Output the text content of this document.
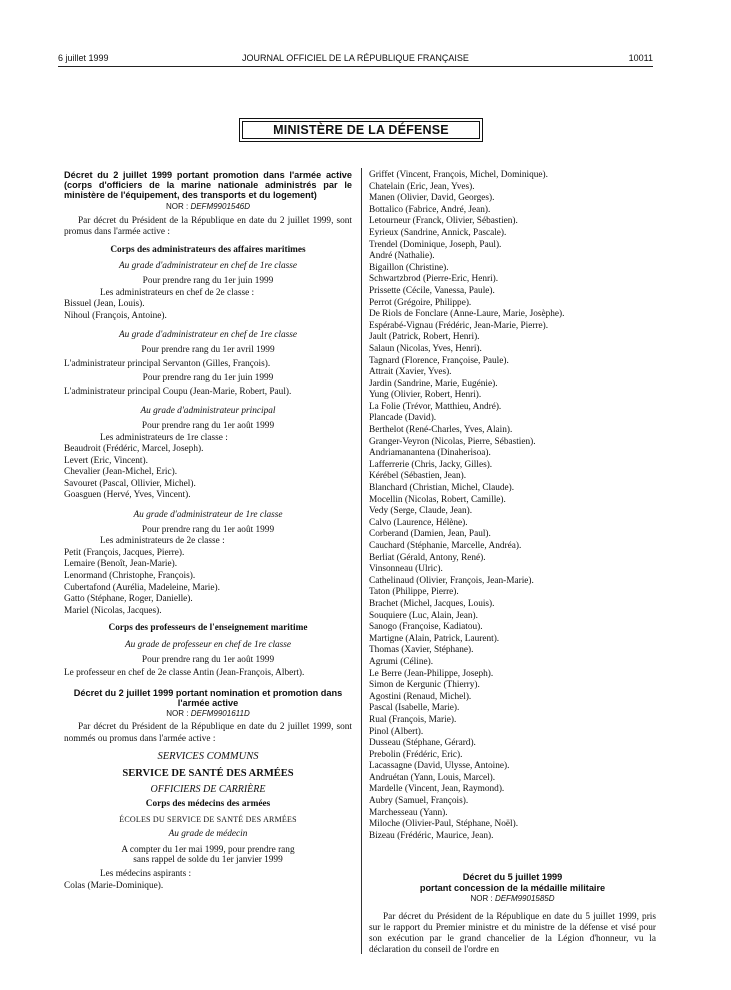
6 juillet 1999	JOURNAL OFFICIEL DE LA RÉPUBLIQUE FRANÇAISE	10011
MINISTÈRE DE LA DÉFENSE

Décret du 2 juillet 1999 portant promotion dans l'armée active (corps d'officiers de la marine nationale administrés par le ministère de l'équipement, des transports et du logement)

NOR : DEFM9901546D

Par décret du Président de la République en date du 2 juillet 1999, sont promus dans l'armée active :

Corps des administrateurs des affaires maritimes

Au grade d'administrateur en chef de 1re classe

Pour prendre rang du 1er juin 1999

Les administrateurs en chef de 2e classe :

Bissuel (Jean, Louis).

Nihoul (François, Antoine).

Au grade d'administrateur en chef de 1re classe

Pour prendre rang du 1er avril 1999

L'administrateur principal Servanton (Gilles, François).

Pour prendre rang du 1er juin 1999

L'administrateur principal Coupu (Jean-Marie, Robert, Paul).

Au grade d'administrateur principal

Pour prendre rang du 1er août 1999

Les administrateurs de 1re classe :

Beaudroit (Frédéric, Marcel, Joseph).

Levert (Eric, Vincent).

Chevalier (Jean-Michel, Eric).

Savouret (Pascal, Ollivier, Michel).

Goasguen (Hervé, Yves, Vincent).

Au grade d'administrateur de 1re classe

Pour prendre rang du 1er août 1999

Les administrateurs de 2e classe :

Petit (François, Jacques, Pierre).

Lemaire (Benoît, Jean-Marie).

Lenormand (Christophe, François).

Cubertafond (Aurélia, Madeleine, Marie).

Gatto (Stéphane, Roger, Danielle).

Mariel (Nicolas, Jacques).

Corps des professeurs de l'enseignement maritime

Au grade de professeur en chef de 1re classe

Pour prendre rang du 1er août 1999

Le professeur en chef de 2e classe Antin (Jean-François, Albert).

Décret du 2 juillet 1999 portant nomination et promotion dans l'armée active

NOR : DEFM9901611D

Par décret du Président de la République en date du 2 juillet 1999, sont nommés ou promus dans l'armée active :

SERVICES COMMUNS

SERVICE DE SANTÉ DES ARMÉES

OFFICIERS DE CARRIÈRE

Corps des médecins des armées

ÉCOLES DU SERVICE DE SANTÉ DES ARMÉES

Au grade de médecin

A compter du 1er mai 1999, pour prendre rang

sans rappel de solde du 1er janvier 1999

Les médecins aspirants :

Colas (Marie-Dominique).

Griffet (Vincent, François, Michel, Dominique).

Chatelain (Eric, Jean, Yves).

Manen (Olivier, David, Georges).

Bottalico (Fabrice, André, Jean).

Letourneur (Franck, Olivier, Sébastien).

Eyrieux (Sandrine, Annick, Pascale).

Trendel (Dominique, Joseph, Paul).

André (Nathalie).

Bigaillon (Christine).

Schwartzbrod (Pierre-Eric, Henri).

Prissette (Cécile, Vanessa, Paule).

Perrot (Grégoire, Philippe).

De Riols de Fonclare (Anne-Laure, Marie, Josèphe).

Espérabé-Vignau (Frédéric, Jean-Marie, Pierre).

Jault (Patrick, Robert, Henri).

Salaun (Nicolas, Yves, Henri).

Tagnard (Florence, Françoise, Paule).

Attrait (Xavier, Yves).

Jardin (Sandrine, Marie, Eugénie).

Yung (Olivier, Robert, Henri).

La Folie (Trévor, Matthieu, André).

Plancade (David).

Berthelot (René-Charles, Yves, Alain).

Granger-Veyron (Nicolas, Pierre, Sébastien).

Andriamanantena (Dinaherisoa).

Lafferrerie (Chris, Jacky, Gilles).

Kérébel (Sébastien, Jean).

Blanchard (Christian, Michel, Claude).

Mocellin (Nicolas, Robert, Camille).

Vedy (Serge, Claude, Jean).

Calvo (Laurence, Hélène).

Corberand (Damien, Jean, Paul).

Cauchard (Stéphanie, Marcelle, Andréa).

Berliat (Gérald, Antony, René).

Vinsonneau (Ulric).

Cathelinaud (Olivier, François, Jean-Marie).

Taton (Philippe, Pierre).

Brachet (Michel, Jacques, Louis).

Souquiere (Luc, Alain, Jean).

Sanogo (Françoise, Kadiatou).

Martigne (Alain, Patrick, Laurent).

Thomas (Xavier, Stéphane).

Agrumi (Céline).

Le Berre (Jean-Philippe, Joseph).

Simon de Kergunic (Thierry).

Agostini (Renaud, Michel).

Pascal (Isabelle, Marie).

Rual (François, Marie).

Pinol (Albert).

Dusseau (Stéphane, Gérard).

Prebolin (Frédéric, Eric).

Lacassagne (David, Ulysse, Antoine).

Andruétan (Yann, Louis, Marcel).

Mardelle (Vincent, Jean, Raymond).

Aubry (Samuel, François).

Marchesseau (Yann).

Miloche (Olivier-Paul, Stéphane, Noël).

Bizeau (Frédéric, Maurice, Jean).

Décret du 5 juillet 1999

portant concession de la médaille militaire

NOR : DEFM9901585D

Par décret du Président de la République en date du 5 juillet 1999, pris sur le rapport du Premier ministre et du ministre de la défense et visé pour son exécution par le grand chancelier de la Légion d'honneur, vu la déclaration du conseil de l'ordre en
